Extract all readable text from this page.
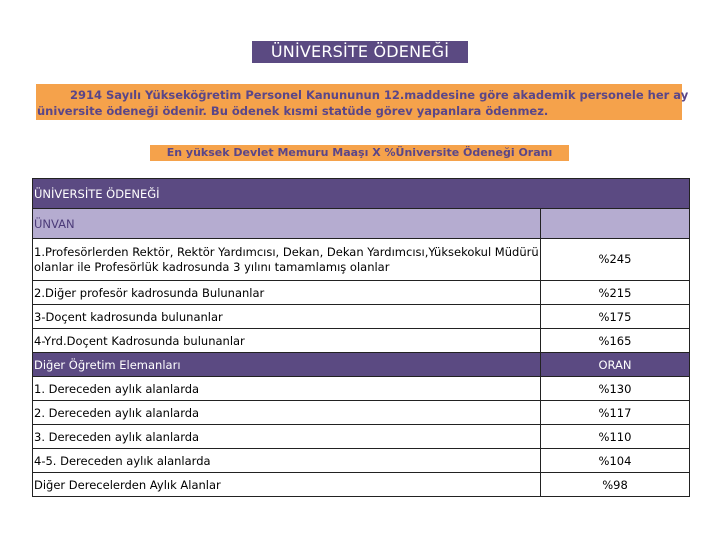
ÜNİVERSİTE ÖDENEĞİ
2914 Sayılı Yükseköğretim Personel Kanununun 12.maddesine göre akademik personele her ay
üniversite ödeneği ödenir. Bu ödenek kısmi statüde görev yapanlara ödenmez.
En yüksek Devlet Memuru Maaşı X %Üniversite Ödeneği Oranı
ÜNİVERSİTE ÖDENEĞİ	
ÜNVAN	
1.Profesörlerden Rektör, Rektör Yardımcısı, Dekan, Dekan Yardımcısı,Yüksekokul Müdürü olanlar ile Profesörlük kadrosunda 3 yılını tamamlamış olanlar	%245
2.Diğer profesör kadrosunda Bulunanlar	%215
3-Doçent kadrosunda bulunanlar	%175
4-Yrd.Doçent Kadrosunda bulunanlar	%165
Diğer Öğretim Elemanları	ORAN
1. Dereceden aylık alanlarda	%130
2. Dereceden aylık alanlarda	%117
3. Dereceden aylık alanlarda	%110
4-5. Dereceden aylık alanlarda	%104
Diğer Derecelerden Aylık Alanlar	%98
